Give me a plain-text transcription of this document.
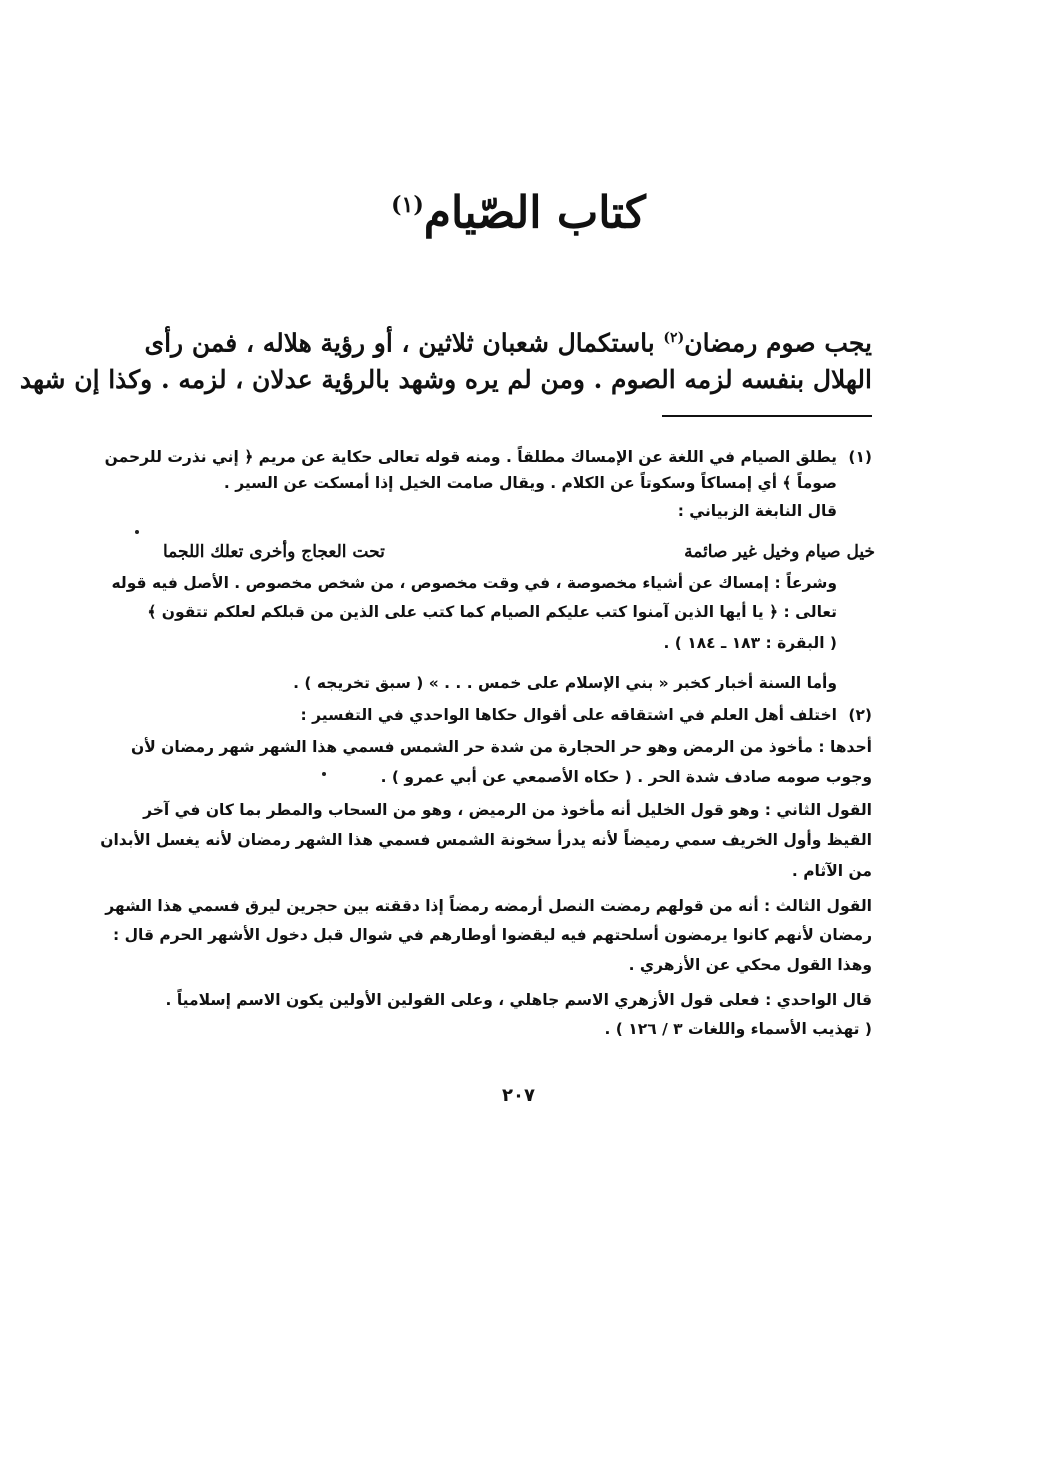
كتاب الصّيام$^{(١)}$
يجب صوم رمضان$^{(٢)}$ باستكمال شعبان ثلاثين ، أو رؤية هلاله ، فمن رأى
الهلال بنفسه لزمه الصوم . ومن لم يره وشهد بالرؤية عدلان ، لزمه . وكذا إن شهد
(١)
يطلق الصيام في اللغة عن الإمساك مطلقاً . ومنه قوله تعالى حكاية عن مريم ﴿ إني نذرت للرحمن
صوماً ﴾ أي إمساكاً وسكوتاً عن الكلام . ويقال صامت الخيل إذا أمسكت عن السير .
قال النابغة الزبياني :
خيل صيام وخيل غير صائمة
تحت العجاج وأخرى تعلك اللجما
وشرعاً : إمساك عن أشياء مخصوصة ، في وقت مخصوص ، من شخص مخصوص . الأصل فيه قوله
تعالى : ﴿ يا أيها الذين آمنوا كتب عليكم الصيام كما كتب على الذين من قبلكم لعلكم تتقون ﴾
( البقرة : ١٨٣ ـ ١٨٤ ) .
وأما السنة أخبار كخبر « بني الإسلام على خمس . . . » ( سبق تخريجه ) .
(٢)
اختلف أهل العلم في اشتقاقه على أقوال حكاها الواحدي في التفسير :
أحدها : مأخوذ من الرمض وهو حر الحجارة من شدة حر الشمس فسمي هذا الشهر شهر رمضان لأن
وجوب صومه صادف شدة الحر . ( حكاه الأصمعي عن أبي عمرو ) .
القول الثاني : وهو قول الخليل أنه مأخوذ من الرميض ، وهو من السحاب والمطر بما كان في آخر
القيظ وأول الخريف سمي رميضاً لأنه يدرأ سخونة الشمس فسمي هذا الشهر رمضان لأنه يغسل الأبدان
من الآثام .
القول الثالث : أنه من قولهم رمضت النصل أرمضه رمضاً إذا دققته بين حجرين ليرق فسمي هذا الشهر
رمضان لأنهم كانوا يرمضون أسلحتهم فيه ليقضوا أوطارهم في شوال قبل دخول الأشهر الحرم قال :
وهذا القول محكي عن الأزهري .
قال الواحدي : فعلى قول الأزهري الاسم جاهلي ، وعلى القولين الأولين يكون الاسم إسلامياً .
( تهذيب الأسماء واللغات ٣ / ١٢٦ ) .
٢٠٧
